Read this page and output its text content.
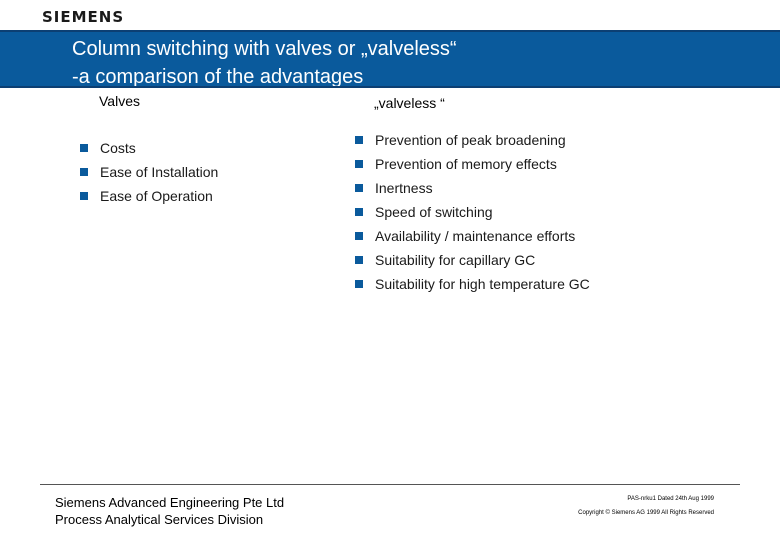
SIEMENS
Column switching with valves or „valveless“
-a comparison of the advantages
Valves	„valveless “
Costs
Ease of Installation
Ease of Operation
Prevention of peak broadening
Prevention of memory effects
Inertness
Speed of switching
Availability / maintenance efforts
Suitability for capillary GC
Suitability for high temperature GC
Siemens Advanced Engineering Pte Ltd
Process Analytical Services Division
PAS-nrku1 Dated 24th Aug 1999
Copyright © Siemens AG 1999 All Rights Reserved
